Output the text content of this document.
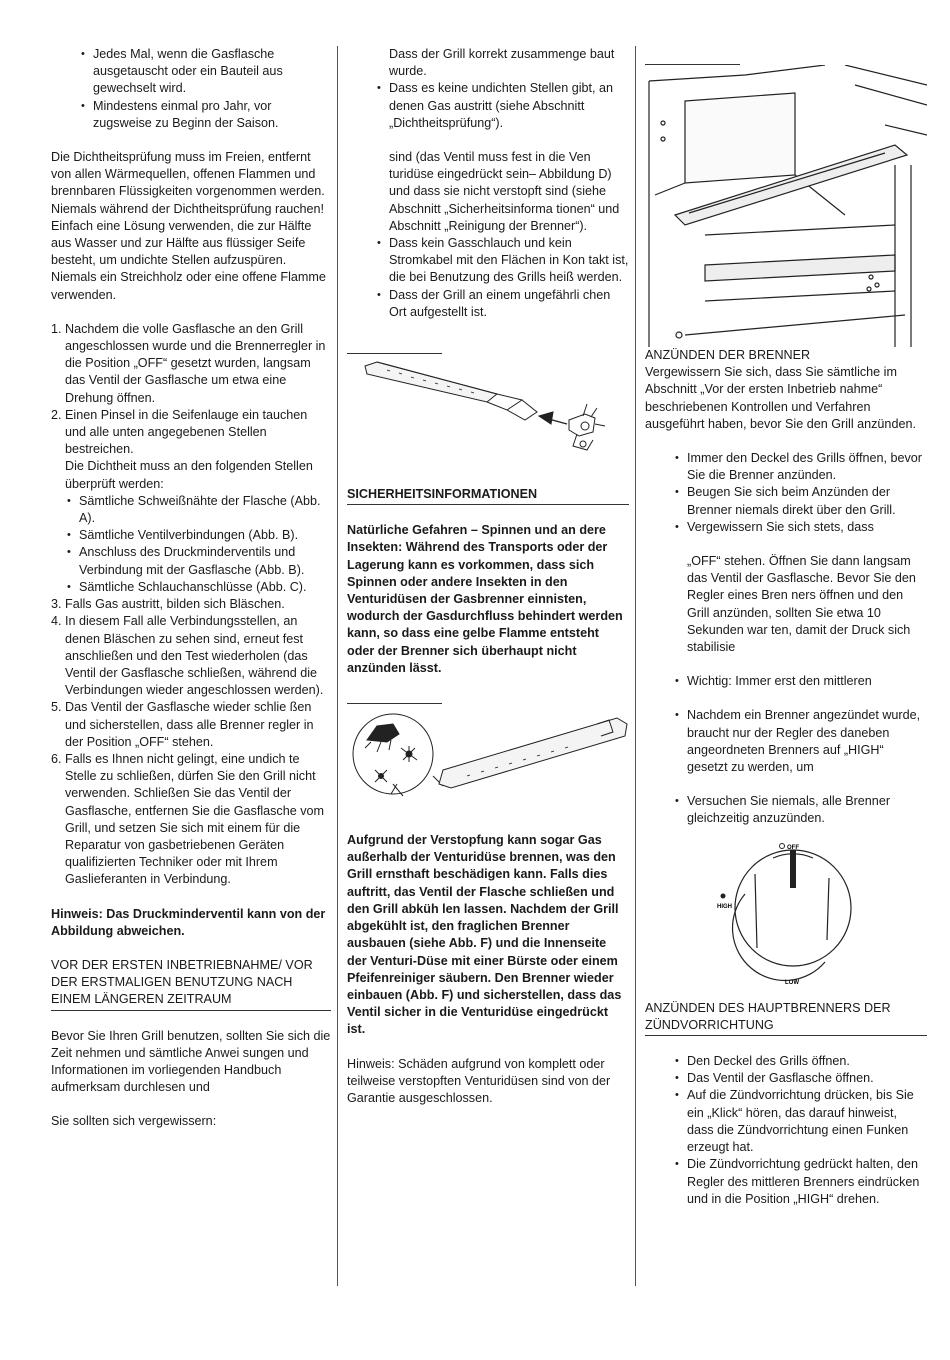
• Jedes Mal, wenn die Gasflasche ausgetauscht oder ein Bauteil aus gewechselt wird.

• Mindestens einmal pro Jahr, vor zugsweise zu Beginn der Saison.

Die Dichtheitsprüfung muss im Freien, entfernt von allen Wärmequellen, offenen Flammen und brennbaren Flüssigkeiten vorgenommen werden. Niemals während der Dichtheitsprüfung rauchen! Einfach eine Lösung verwenden, die zur Hälfte aus Wasser und zur Hälfte aus flüssiger Seife besteht, um undichte Stellen aufzuspüren. Niemals ein Streichholz oder eine offene Flamme verwenden.

1. Nachdem die volle Gasflasche an den Grill angeschlossen wurde und die Brennerregler in die Position „OFF“ gesetzt wurden, langsam das Ventil der Gasflasche um etwa eine Drehung öffnen.

2. Einen Pinsel in die Seifenlauge ein tauchen und alle unten angegebenen Stellen bestreichen.

Die Dichtheit muss an den folgenden Stellen überprüft werden:

• Sämtliche Schweißnähte der Flasche (Abb. A).

• Sämtliche Ventilverbindungen (Abb. B).

• Anschluss des Druckminderventils und Verbindung mit der Gasflasche (Abb. B).

• Sämtliche Schlauchanschlüsse (Abb. C).

3. Falls Gas austritt, bilden sich Bläschen.

4. In diesem Fall alle Verbindungsstellen, an denen Bläschen zu sehen sind, erneut fest anschließen und den Test wiederholen (das Ventil der Gasflasche schließen, während die Verbindungen wieder angeschlossen werden).

5. Das Ventil der Gasflasche wieder schlie ßen und sicherstellen, dass alle Brenner regler in der Position „OFF“ stehen.

6. Falls es Ihnen nicht gelingt, eine undich te Stelle zu schließen, dürfen Sie den Grill nicht verwenden. Schließen Sie das Ventil der Gasflasche, entfernen Sie die Gasflasche vom Grill, und setzen Sie sich mit einem für die Reparatur von gasbetriebenen Geräten qualifizierten Techniker oder mit Ihrem Gaslieferanten in Verbindung.

Hinweis: Das Druckminderventil kann von der Abbildung abweichen.

VOR DER ERSTEN INBETRIEBNAHME/ VOR DER ERSTMALIGEN BENUTZUNG NACH EINEM LÄNGEREN ZEITRAUM

Bevor Sie Ihren Grill benutzen, sollten Sie sich die Zeit nehmen und sämtliche Anwei sungen und Informationen im vorliegenden Handbuch aufmerksam durchlesen und

Sie sollten sich vergewissern:

Dass der Grill korrekt zusammenge baut wurde.

• Dass es keine undichten Stellen gibt, an denen Gas austritt (siehe Abschnitt „Dichtheitsprüfung“).

sind (das Ventil muss fest in die Ven turidüse eingedrückt sein– Abbildung D) und dass sie nicht verstopft sind (siehe Abschnitt „Sicherheitsinforma tionen“ und Abschnitt „Reinigung der Brenner“).

• Dass kein Gasschlauch und kein Stromkabel mit den Flächen in Kon takt ist, die bei Benutzung des Grills heiß werden.

• Dass der Grill an einem ungefährli chen Ort aufgestellt ist.

SICHERHEITSINFORMATIONEN

Natürliche Gefahren – Spinnen und an dere Insekten: Während des Transports oder der Lagerung kann es vorkommen, dass sich Spinnen oder andere Insekten in den Venturidüsen der Gasbrenner einnisten, wodurch der Gasdurchfluss behindert werden kann, so dass eine gelbe Flamme entsteht oder der Brenner sich überhaupt nicht anzünden lässt.

Aufgrund der Verstopfung kann sogar Gas außerhalb der Venturidüse brennen, was den Grill ernsthaft beschädigen kann. Falls dies auftritt, das Ventil der Flasche schließen und den Grill abküh len lassen. Nachdem der Grill abgekühlt ist, den fraglichen Brenner ausbauen (siehe Abb. F) und die Innenseite der Venturi-Düse mit einer Bürste oder einem Pfeifenreiniger säubern. Den Brenner wieder einbauen (Abb. F) und sicherstellen, dass das Ventil sicher in die Venturidüse eingedrückt ist.

Hinweis: Schäden aufgrund von komplett oder teilweise verstopften Venturidüsen sind von der Garantie ausgeschlossen.

ANZÜNDEN DER BRENNER

Vergewissern Sie sich, dass Sie sämtliche im Abschnitt „Vor der ersten Inbetrieb nahme“ beschriebenen Kontrollen und Verfahren ausgeführt haben, bevor Sie den Grill anzünden.

• Immer den Deckel des Grills öffnen, bevor Sie die Brenner anzünden.

• Beugen Sie sich beim Anzünden der Brenner niemals direkt über den Grill.

• Vergewissern Sie sich stets, dass

„OFF“ stehen. Öffnen Sie dann langsam das Ventil der Gasflasche. Bevor Sie den Regler eines Bren ners öffnen und den Grill anzünden, sollten Sie etwa 10 Sekunden war ten, damit der Druck sich stabilisie

• Wichtig: Immer erst den mittleren

• Nachdem ein Brenner angezündet wurde, braucht nur der Regler des daneben angeordneten Brenners auf „HIGH“ gesetzt zu werden, um

• Versuchen Sie niemals, alle Brenner gleichzeitig anzuzünden.

OFF
HIGH
LOW

ANZÜNDEN DES HAUPTBRENNERS DER ZÜNDVORRICHTUNG

• Den Deckel des Grills öffnen.

• Das Ventil der Gasflasche öffnen.

• Auf die Zündvorrichtung drücken, bis Sie ein „Klick“ hören, das darauf hinweist, dass die Zündvorrichtung einen Funken erzeugt hat.

• Die Zündvorrichtung gedrückt halten, den Regler des mittleren Brenners eindrücken und in die Position „HIGH“ drehen.
